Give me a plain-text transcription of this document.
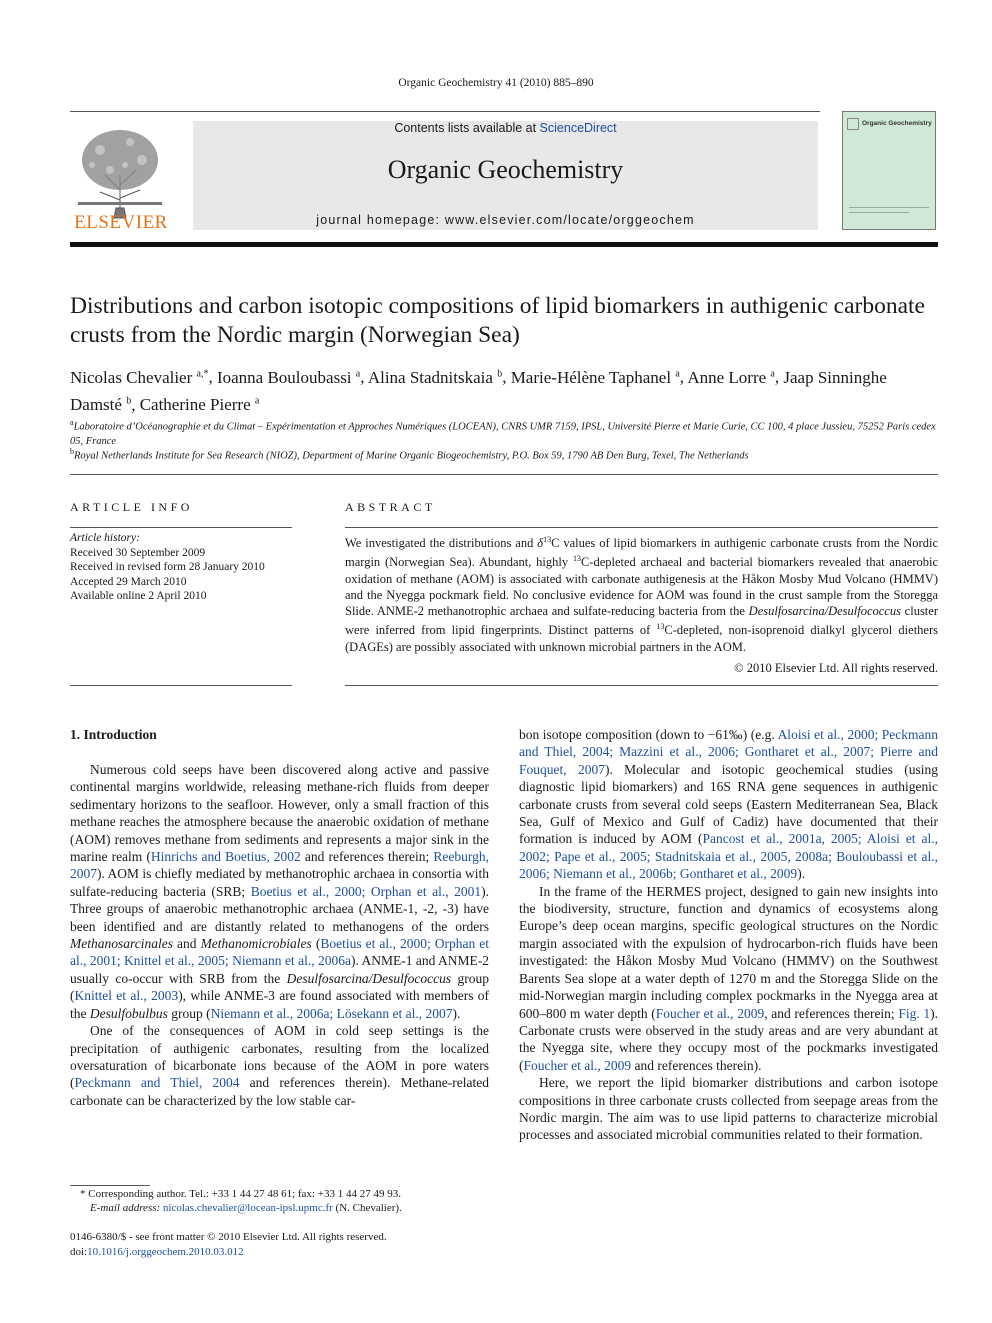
Organic Geochemistry 41 (2010) 885–890
ELSEVIER
Contents lists available at ScienceDirect
Organic Geochemistry
journal homepage: www.elsevier.com/locate/orggeochem
Organic Geochemistry
Distributions and carbon isotopic compositions of lipid biomarkers in authigenic carbonate crusts from the Nordic margin (Norwegian Sea)
Nicolas Chevalier $^{a,*}$, Ioanna Bouloubassi $^a$, Alina Stadnitskaia $^b$, Marie-Hélène Taphanel $^a$, Anne Lorre $^a$, Jaap Sinninghe Damsté $^b$, Catherine Pierre $^a$
$^a$Laboratoire d’Océanographie et du Climat – Expérimentation et Approches Numériques (LOCEAN), CNRS UMR 7159, IPSL, Université Pierre et Marie Curie, CC 100, 4 place Jussieu, 75252 Paris cedex 05, France
$^b$Royal Netherlands Institute for Sea Research (NIOZ), Department of Marine Organic Biogeochemistry, P.O. Box 59, 1790 AB Den Burg, Texel, The Netherlands
ARTICLE INFO
Article history:
Received 30 September 2009
Received in revised form 28 January 2010
Accepted 29 March 2010
Available online 2 April 2010
ABSTRACT
We investigated the distributions and $\delta^{13}C$ values of lipid biomarkers in authigenic carbonate crusts from the Nordic margin (Norwegian Sea). Abundant, highly $^{13}$C-depleted archaeal and bacterial biomarkers revealed that anaerobic oxidation of methane (AOM) is associated with carbonate authigenesis at the Håkon Mosby Mud Volcano (HMMV) and the Nyegga pockmark field. No conclusive evidence for AOM was found in the crust sample from the Storegga Slide. ANME-2 methanotrophic archaea and sulfate-reducing bacteria from the Desulfosarcina/Desulfococcus cluster were inferred from lipid fingerprints. Distinct patterns of $^{13}$C-depleted, non-isoprenoid dialkyl glycerol diethers (DAGEs) are possibly associated with unknown microbial partners in the AOM.
© 2010 Elsevier Ltd. All rights reserved.
1. Introduction

Numerous cold seeps have been discovered along active and passive continental margins worldwide, releasing methane-rich fluids from deeper sedimentary horizons to the seafloor. However, only a small fraction of this methane reaches the atmosphere because the anaerobic oxidation of methane (AOM) removes methane from sediments and represents a major sink in the marine realm (Hinrichs and Boetius, 2002 and references therein; Reeburgh, 2007). AOM is chiefly mediated by methanotrophic archaea in consortia with sulfate-reducing bacteria (SRB; Boetius et al., 2000; Orphan et al., 2001). Three groups of anaerobic methanotrophic archaea (ANME-1, -2, -3) have been identified and are distantly related to methanogens of the orders Methanosarcinales and Methanomicrobiales (Boetius et al., 2000; Orphan et al., 2001; Knittel et al., 2005; Niemann et al., 2006a). ANME-1 and ANME-2 usually co-occur with SRB from the Desulfosarcina/Desulfococcus group (Knittel et al., 2003), while ANME-3 are found associated with members of the Desulfobulbus group (Niemann et al., 2006a; Lösekann et al., 2007).

One of the consequences of AOM in cold seep settings is the precipitation of authigenic carbonates, resulting from the localized oversaturation of bicarbonate ions because of the AOM in pore waters (Peckmann and Thiel, 2004 and references therein). Methane-related carbonate can be characterized by the low stable car-

bon isotope composition (down to −61‰) (e.g. Aloisi et al., 2000; Peckmann and Thiel, 2004; Mazzini et al., 2006; Gontharet et al., 2007; Pierre and Fouquet, 2007). Molecular and isotopic geochemical studies (using diagnostic lipid biomarkers) and 16S RNA gene sequences in authigenic carbonate crusts from several cold seeps (Eastern Mediterranean Sea, Black Sea, Gulf of Mexico and Gulf of Cadiz) have documented that their formation is induced by AOM (Pancost et al., 2001a, 2005; Aloisi et al., 2002; Pape et al., 2005; Stadnitskaia et al., 2005, 2008a; Bouloubassi et al., 2006; Niemann et al., 2006b; Gontharet et al., 2009).

In the frame of the HERMES project, designed to gain new insights into the biodiversity, structure, function and dynamics of ecosystems along Europe’s deep ocean margins, specific geological structures on the Nordic margin associated with the expulsion of hydrocarbon-rich fluids have been investigated: the Håkon Mosby Mud Volcano (HMMV) on the Southwest Barents Sea slope at a water depth of 1270 m and the Storegga Slide on the mid-Norwegian margin including complex pockmarks in the Nyegga area at 600–800 m water depth (Foucher et al., 2009, and references therein; Fig. 1). Carbonate crusts were observed in the study areas and are very abundant at the Nyegga site, where they occupy most of the pockmarks investigated (Foucher et al., 2009 and references therein).

Here, we report the lipid biomarker distributions and carbon isotope compositions in three carbonate crusts collected from seepage areas from the Nordic margin. The aim was to use lipid patterns to characterize microbial processes and associated microbial communities related to their formation.

* Corresponding author. Tel.: +33 1 44 27 48 61; fax: +33 1 44 27 49 93.
E-mail address: nicolas.chevalier@locean-ipsl.upmc.fr (N. Chevalier).
0146-6380/$ - see front matter © 2010 Elsevier Ltd. All rights reserved.
doi:10.1016/j.orggeochem.2010.03.012
